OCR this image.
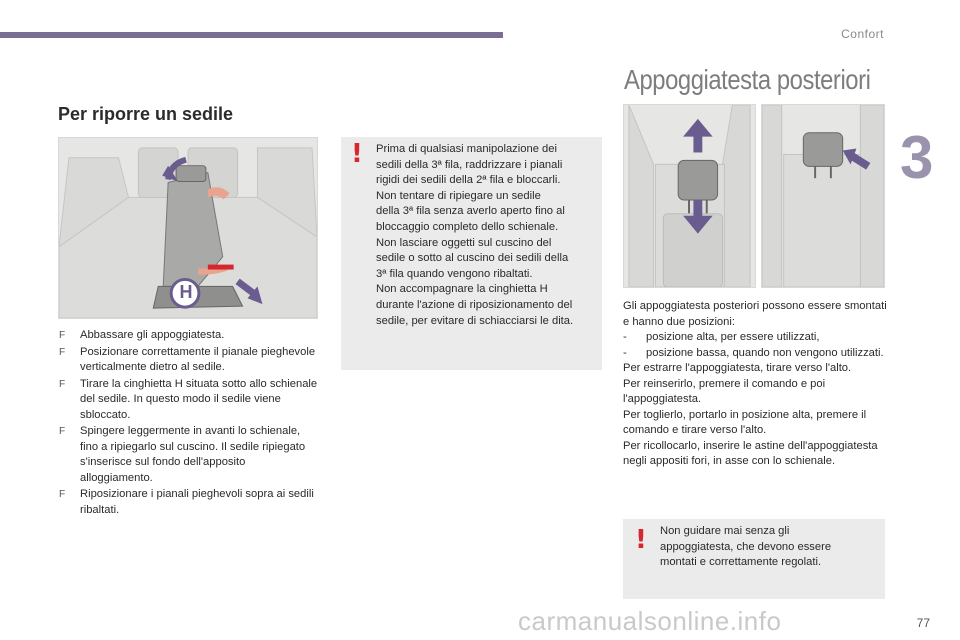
Confort
3
Per riporre un sedile
H
F Abbassare gli appoggiatesta.
F Posizionare correttamente il pianale pieghevole verticalmente dietro al sedile.
F Tirare la cinghietta H situata sotto allo schienale del sedile. In questo modo il sedile viene sbloccato.
F Spingere leggermente in avanti lo schienale, fino a ripiegarlo sul cuscino. Il sedile ripiegato s'inserisce sul fondo dell'apposito alloggiamento.
F Riposizionare i pianali pieghevoli sopra ai sedili ribaltati.
! Prima di qualsiasi manipolazione dei
sedili della 3ª fila, raddrizzare i pianali
rigidi dei sedili della 2ª fila e bloccarli.
Non tentare di ripiegare un sedile
della 3ª fila senza averlo aperto fino al
bloccaggio completo dello schienale.
Non lasciare oggetti sul cuscino del
sedile o sotto al cuscino dei sedili della
3ª fila quando vengono ribaltati.
Non accompagnare la cinghietta H
durante l'azione di riposizionamento del
sedile, per evitare di schiacciarsi le dita.
Appoggiatesta posteriori
Gli appoggiatesta posteriori possono essere smontati e hanno due posizioni:
- posizione alta, per essere utilizzati,
- posizione bassa, quando non vengono utilizzati.
Per estrarre l'appoggiatesta, tirare verso l'alto.
Per reinserirlo, premere il comando e poi l'appoggiatesta.
Per toglierlo, portarlo in posizione alta, premere il comando e tirare verso l'alto.
Per ricollocarlo, inserire le astine dell'appoggiatesta negli appositi fori, in asse con lo schienale.
! Non guidare mai senza gli
appoggiatesta, che devono essere
montati e correttamente regolati.
carmanualsonline.info	77
